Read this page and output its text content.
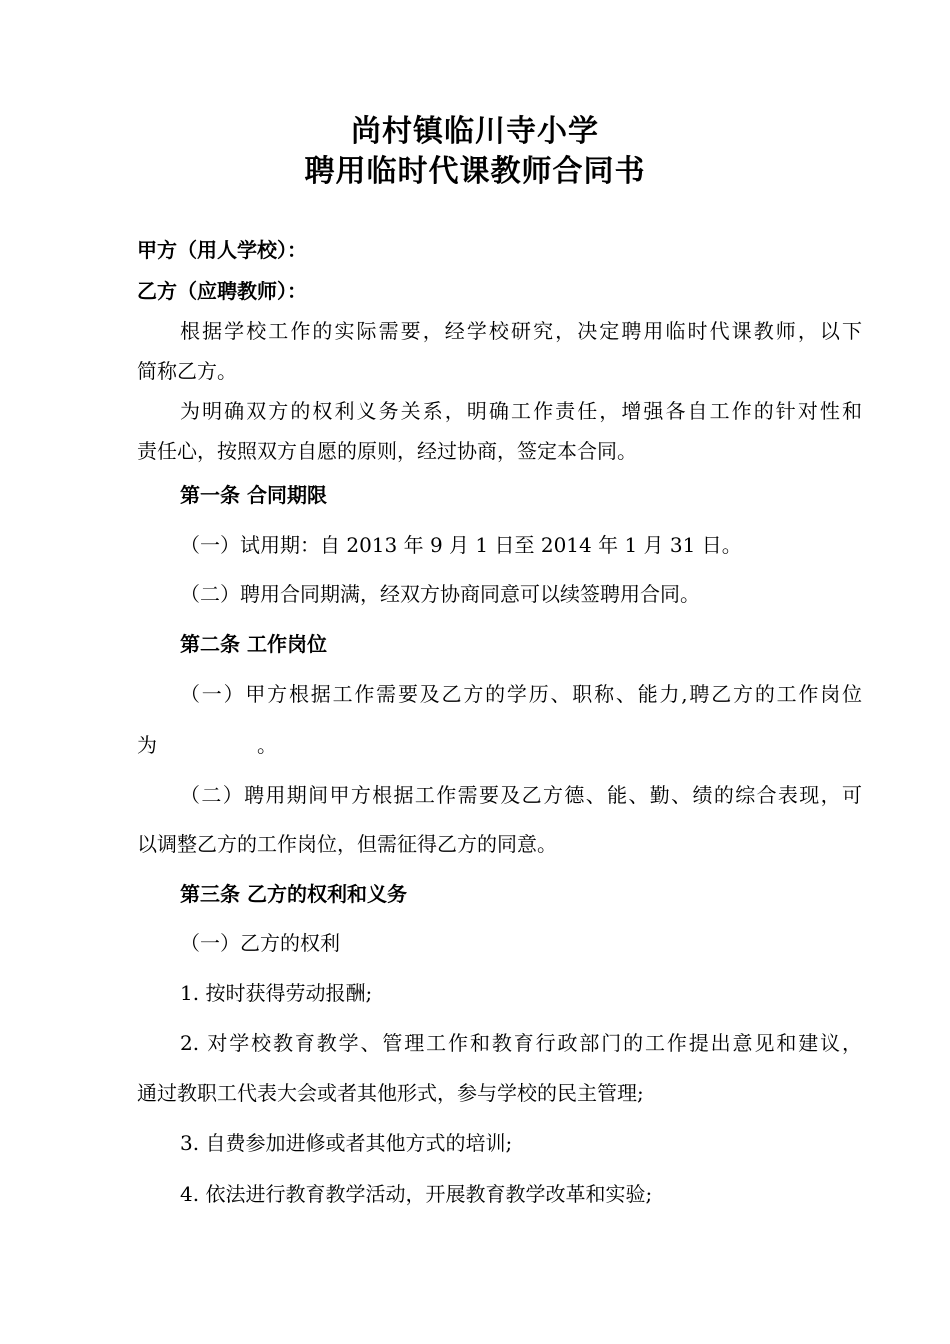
尚村镇临川寺小学
聘用临时代课教师合同书
甲方（用人学校）：
乙方（应聘教师）：
根据学校工作的实际需要，经学校研究，决定聘用临时代课教师，以下
简称乙方。
为明确双方的权利义务关系，明确工作责任，增强各自工作的针对性和
责任心，按照双方自愿的原则，经过协商，签定本合同。
第一条 合同期限
（一）试用期：自 2013 年 9 月 1 日至 2014 年 1 月 31 日。
（二）聘用合同期满，经双方协商同意可以续签聘用合同。
第二条 工作岗位
（一）甲方根据工作需要及乙方的学历、职称、能力,聘乙方的工作岗位
为	。
（二）聘用期间甲方根据工作需要及乙方德、能、勤、绩的综合表现，可
以调整乙方的工作岗位，但需征得乙方的同意。
第三条 乙方的权利和义务
（一）乙方的权利
1. 按时获得劳动报酬;
2. 对学校教育教学、管理工作和教育行政部门的工作提出意见和建议，
通过教职工代表大会或者其他形式，参与学校的民主管理;
3. 自费参加进修或者其他方式的培训;
4. 依法进行教育教学活动，开展教育教学改革和实验;
